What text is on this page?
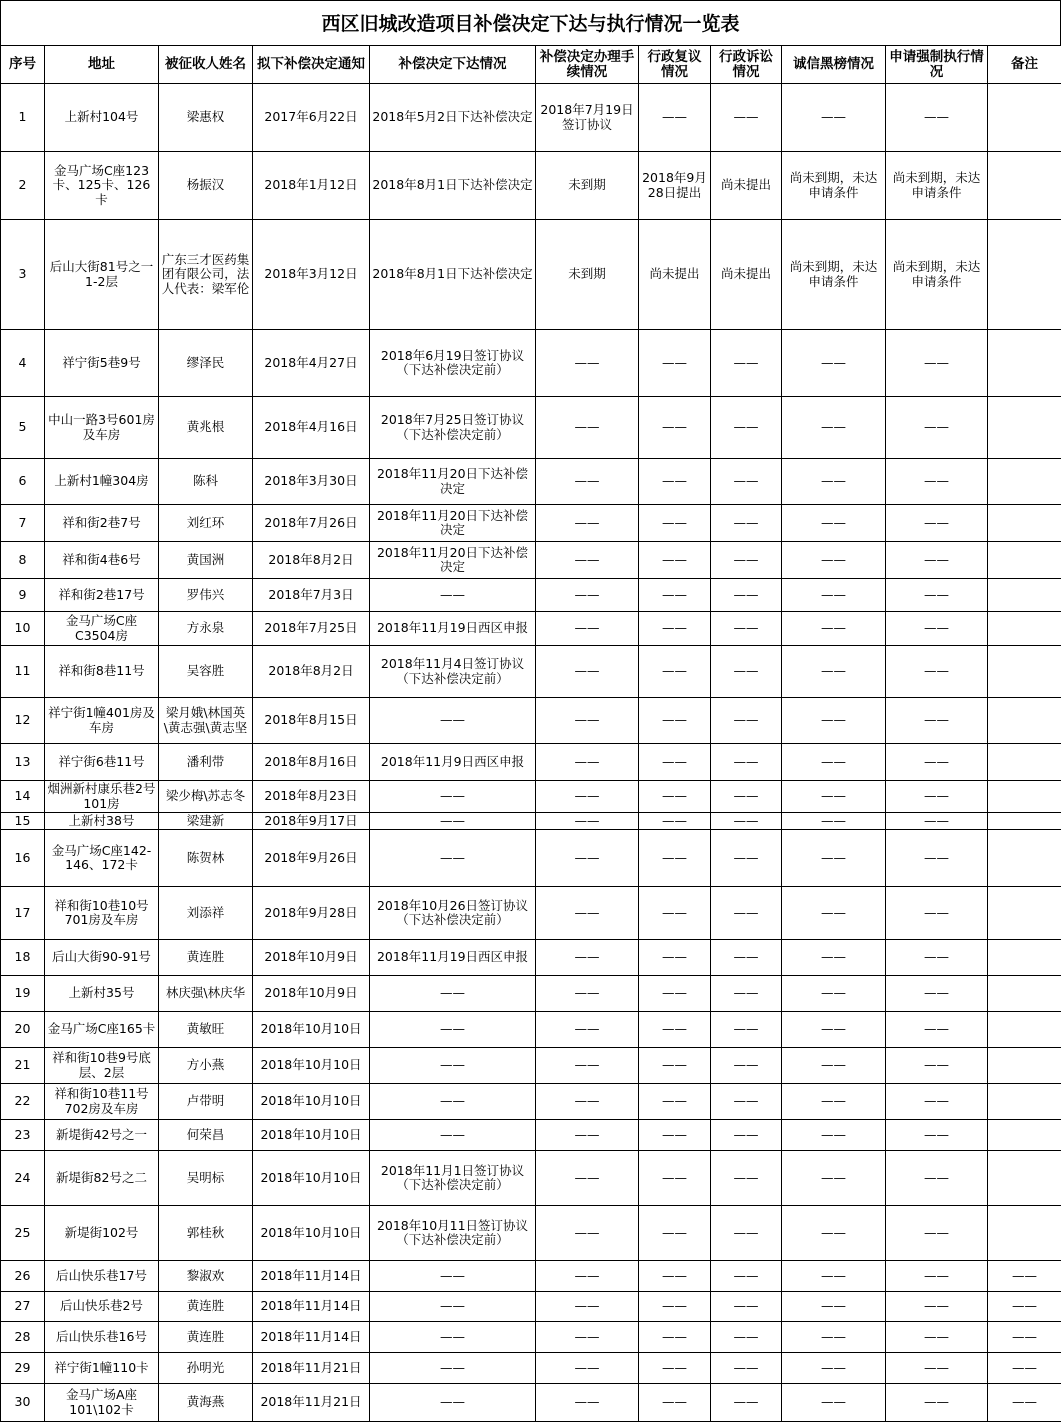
西区旧城改造项目补偿决定下达与执行情况一览表
序号	地址	被征收人姓名	拟下补偿决定通知	补偿决定下达情况	补偿决定办理手续情况	行政复议情况	行政诉讼情况	诚信黑榜情况	申请强制执行情况	备注
1	上新村104号	梁惠权	2017年6月22日	2018年5月2日下达补偿决定	2018年7月19日签订协议	——	——	——	——	
2	金马广场C座123卡、125卡、126卡	杨振汉	2018年1月12日	2018年8月1日下达补偿决定	未到期	2018年9月28日提出	尚未提出	尚未到期，未达申请条件	尚未到期，未达申请条件	
3	后山大街81号之一1-2层	广东三才医药集团有限公司，法人代表：梁军伦	2018年3月12日	2018年8月1日下达补偿决定	未到期	尚未提出	尚未提出	尚未到期，未达申请条件	尚未到期，未达申请条件	
4	祥宁街5巷9号	缪泽民	2018年4月27日	2018年6月19日签订协议（下达补偿决定前）	——	——	——	——	——	
5	中山一路3号601房及车房	黄兆根	2018年4月16日	2018年7月25日签订协议（下达补偿决定前）	——	——	——	——	——	
6	上新村1幢304房	陈科	2018年3月30日	2018年11月20日下达补偿决定	——	——	——	——	——	
7	祥和街2巷7号	刘红环	2018年7月26日	2018年11月20日下达补偿决定	——	——	——	——	——	
8	祥和街4巷6号	黄国洲	2018年8月2日	2018年11月20日下达补偿决定	——	——	——	——	——	
9	祥和街2巷17号	罗伟兴	2018年7月3日	——	——	——	——	——	——	
10	金马广场C座C3504房	方永泉	2018年7月25日	2018年11月19日西区申报	——	——	——	——	——	
11	祥和街8巷11号	吴容胜	2018年8月2日	2018年11月4日签订协议（下达补偿决定前）	——	——	——	——	——	
12	祥宁街1幢401房及车房	梁月娥\林国英\黄志强\黄志坚	2018年8月15日	——	——	——	——	——	——	
13	祥宁街6巷11号	潘利带	2018年8月16日	2018年11月9日西区申报	——	——	——	——	——	
14	烟洲新村康乐巷2号101房	梁少梅\苏志冬	2018年8月23日	——	——	——	——	——	——	
15	上新村38号	梁建新	2018年9月17日	——	——	——	——	——	——	
16	金马广场C座142-146、172卡	陈贺林	2018年9月26日	——	——	——	——	——	——	
17	祥和街10巷10号701房及车房	刘添祥	2018年9月28日	2018年10月26日签订协议（下达补偿决定前）	——	——	——	——	——	
18	后山大街90-91号	黄连胜	2018年10月9日	2018年11月19日西区申报	——	——	——	——	——	
19	上新村35号	林庆强\林庆华	2018年10月9日	——	——	——	——	——	——	
20	金马广场C座165卡	黄敏旺	2018年10月10日	——	——	——	——	——	——	
21	祥和街10巷9号底层、2层	方小燕	2018年10月10日	——	——	——	——	——	——	
22	祥和街10巷11号702房及车房	卢带明	2018年10月10日	——	——	——	——	——	——	
23	新堤街42号之一	何荣昌	2018年10月10日	——	——	——	——	——	——	
24	新堤街82号之二	吴明标	2018年10月10日	2018年11月1日签订协议（下达补偿决定前）	——	——	——	——	——	
25	新堤街102号	郭桂秋	2018年10月10日	2018年10月11日签订协议（下达补偿决定前）	——	——	——	——	——	
26	后山快乐巷17号	黎淑欢	2018年11月14日	——	——	——	——	——	——	——
27	后山快乐巷2号	黄连胜	2018年11月14日	——	——	——	——	——	——	——
28	后山快乐巷16号	黄连胜	2018年11月14日	——	——	——	——	——	——	——
29	祥宁街1幢110卡	孙明光	2018年11月21日	——	——	——	——	——	——	——
30	金马广场A座101\102卡	黄海燕	2018年11月21日	——	——	——	——	——	——	——
